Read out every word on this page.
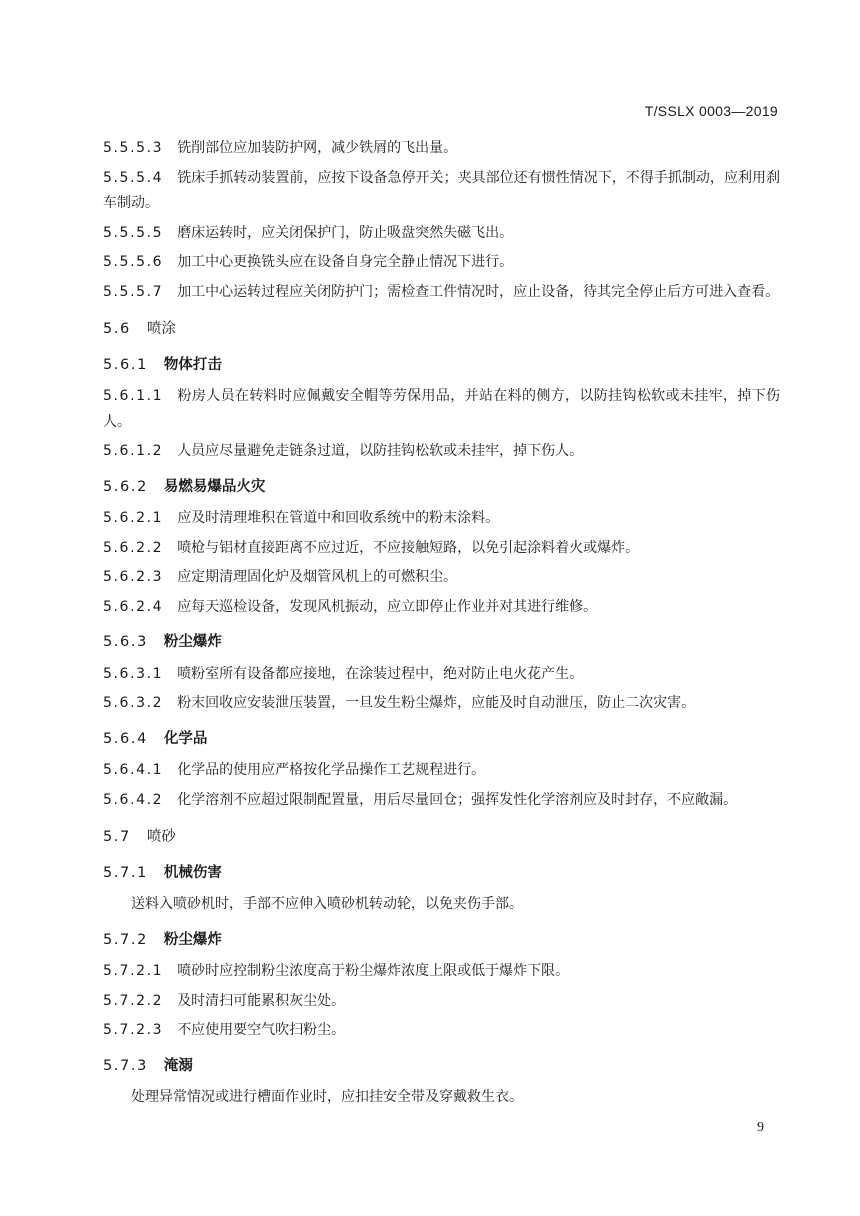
T/SSLX 0003—2019
5.5.5.3 铣削部位应加装防护网，减少铁屑的飞出量。
5.5.5.4 铣床手抓转动装置前，应按下设备急停开关；夹具部位还有惯性情况下，不得手抓制动，应利用刹车制动。
5.5.5.5 磨床运转时，应关闭保护门，防止吸盘突然失磁飞出。
5.5.5.6 加工中心更换铣头应在设备自身完全静止情况下进行。
5.5.5.7 加工中心运转过程应关闭防护门；需检查工件情况时，应止设备，待其完全停止后方可进入查看。
5.6 喷涂
5.6.1 物体打击
5.6.1.1 粉房人员在转料时应佩戴安全帽等劳保用品，并站在料的侧方，以防挂钩松软或未挂牢，掉下伤人。
5.6.1.2 人员应尽量避免走链条过道，以防挂钩松软或未挂牢，掉下伤人。
5.6.2 易燃易爆品火灾
5.6.2.1 应及时清理堆积在管道中和回收系统中的粉末涂料。
5.6.2.2 喷枪与铝材直接距离不应过近，不应接触短路，以免引起涂料着火或爆炸。
5.6.2.3 应定期清理固化炉及烟管风机上的可燃积尘。
5.6.2.4 应每天巡检设备，发现风机振动，应立即停止作业并对其进行维修。
5.6.3 粉尘爆炸
5.6.3.1 喷粉室所有设备都应接地，在涂装过程中，绝对防止电火花产生。
5.6.3.2 粉末回收应安装泄压装置，一旦发生粉尘爆炸，应能及时自动泄压，防止二次灾害。
5.6.4 化学品
5.6.4.1 化学品的使用应严格按化学品操作工艺规程进行。
5.6.4.2 化学溶剂不应超过限制配置量，用后尽量回仓；强挥发性化学溶剂应及时封存，不应敞漏。
5.7 喷砂
5.7.1 机械伤害
送料入喷砂机时，手部不应伸入喷砂机转动轮，以免夹伤手部。
5.7.2 粉尘爆炸
5.7.2.1 喷砂时应控制粉尘浓度高于粉尘爆炸浓度上限或低于爆炸下限。
5.7.2.2 及时清扫可能累积灰尘处。
5.7.2.3 不应使用要空气吹扫粉尘。
5.7.3 淹溺
处理异常情况或进行槽面作业时，应扣挂安全带及穿戴救生衣。
9
